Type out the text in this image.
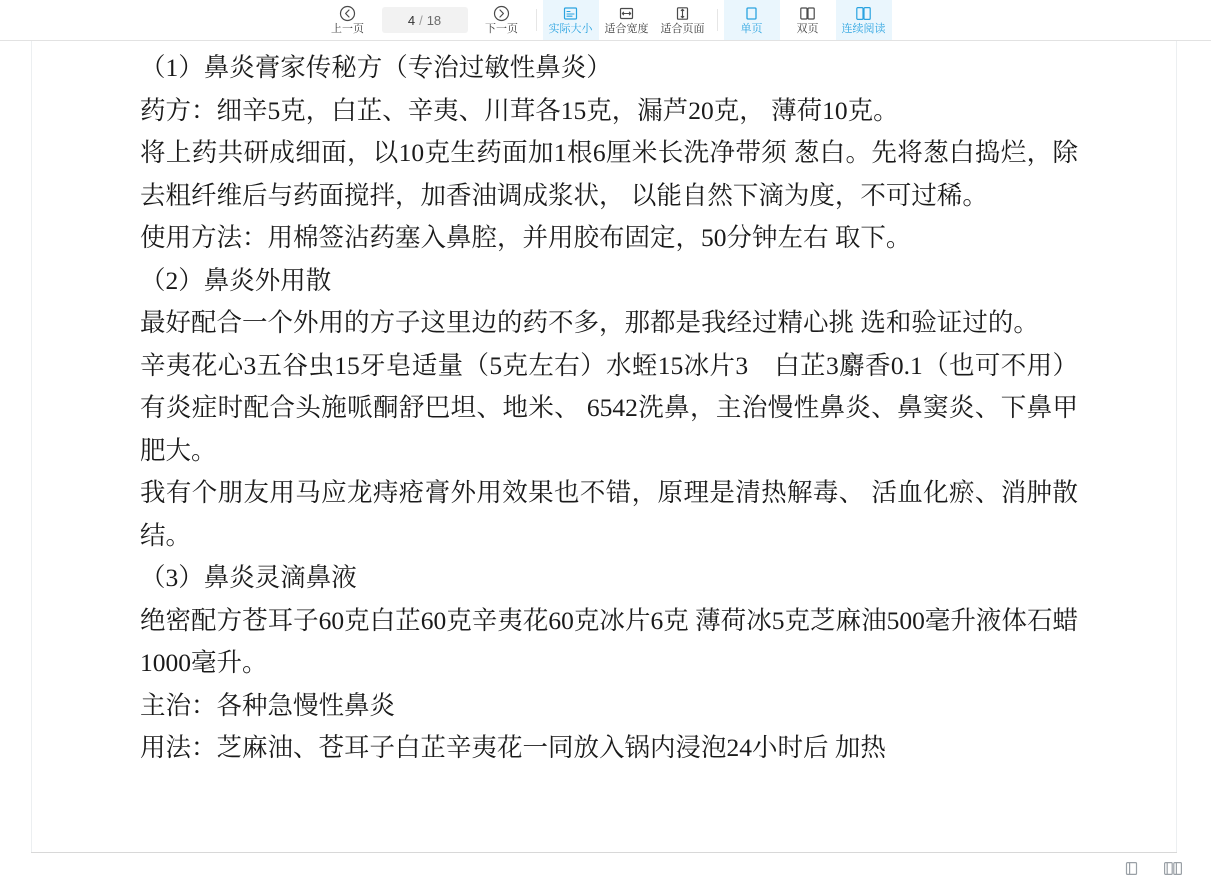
上一页
4 / 18
下一页	实际大小 适合宽度 适合页面	单页	双页 连续阅读

（1）鼻炎膏家传秘方（专治过敏性鼻炎）

药方：细辛5克，白芷、辛夷、川茸各15克，漏芦20克， 薄荷10克。

将上药共研成细面，以10克生药面加1根6厘米长洗净带须 葱白。先将葱白捣烂，除去粗纤维后与药面搅拌，加香油调成浆状， 以能自然下滴为度，不可过稀。

使用方法：用棉签沾药塞入鼻腔，并用胶布固定，50分钟左右 取下。

（2）鼻炎外用散

最好配合一个外用的方子这里边的药不多，那都是我经过精心挑 选和验证过的。

辛夷花心3五谷虫15牙皂适量（5克左右）水蛭15冰片3　白芷3麝香0.1（也可不用）有炎症时配合头施哌酮舒巴坦、地米、 6542洗鼻，主治慢性鼻炎、鼻窦炎、下鼻甲肥大。

我有个朋友用马应龙痔疮膏外用效果也不错，原理是清热解毒、 活血化瘀、消肿散结。

（3）鼻炎灵滴鼻液

绝密配方苍耳子60克白芷60克辛夷花60克冰片6克 薄荷冰5克芝麻油500毫升液体石蜡1000毫升。

主治：各种急慢性鼻炎

用法：芝麻油、苍耳子白芷辛夷花一同放入锅内浸泡24小时后 加热
